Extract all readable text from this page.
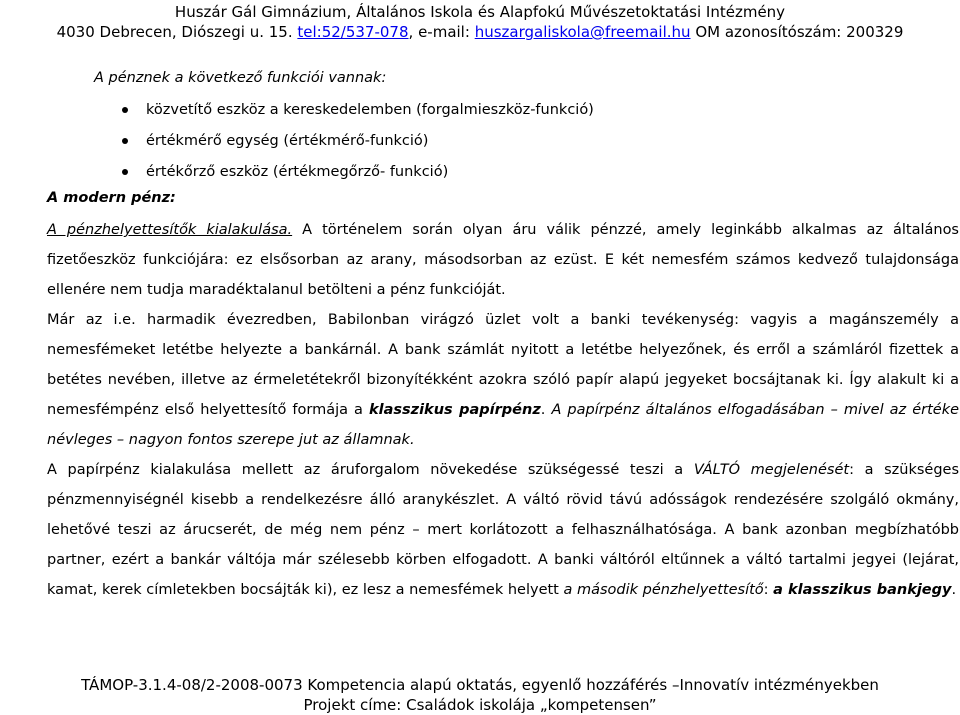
Huszár Gál Gimnázium, Általános Iskola és Alapfokú Művészetoktatási Intézmény
4030 Debrecen, Diószegi u. 15. tel:52/537-078, e-mail: huszargaliskola@freemail.hu OM azonosítószám: 200329
A pénznek a következő funkciói vannak:
közvetítő eszköz a kereskedelemben (forgalmieszköz-funkció)
értékmérő egység (értékmérő-funkció)
értékőrző eszköz (értékmegőrző- funkció)
A modern pénz:

A pénzhelyettesítők kialakulása. A történelem során olyan áru válik pénzzé, amely leginkább alkalmas az általános fizetőeszköz funkciójára: ez elsősorban az arany, másodsorban az ezüst. E két nemesfém számos kedvező tulajdonsága ellenére nem tudja maradéktalanul betölteni a pénz funkcióját.

Már az i.e. harmadik évezredben, Babilonban virágzó üzlet volt a banki tevékenység: vagyis a magánszemély a nemesfémeket letétbe helyezte a bankárnál. A bank számlát nyitott a letétbe helyezőnek, és erről a számláról fizettek a betétes nevében, illetve az érmeletétekről bizonyítékként azokra szóló papír alapú jegyeket bocsájtanak ki. Így alakult ki a nemesfémpénz első helyettesítő formája a klasszikus papírpénz. A papírpénz általános elfogadásában – mivel az értéke névleges – nagyon fontos szerepe jut az államnak.

A papírpénz kialakulása mellett az áruforgalom növekedése szükségessé teszi a VÁLTÓ megjelenését: a szükséges pénzmennyiségnél kisebb a rendelkezésre álló aranykészlet. A váltó rövid távú adósságok rendezésére szolgáló okmány, lehetővé teszi az árucserét, de még nem pénz – mert korlátozott a felhasználhatósága. A bank azonban megbízhatóbb partner, ezért a bankár váltója már szélesebb körben elfogadott. A banki váltóról eltűnnek a váltó tartalmi jegyei (lejárat, kamat, kerek címletekben bocsájták ki), ez lesz a nemesfémek helyett a második pénzhelyettesítő: a klasszikus bankjegy.

TÁMOP-3.1.4-08/2-2008-0073 Kompetencia alapú oktatás, egyenlő hozzáférés –Innovatív intézményekben
Projekt címe: Családok iskolája „kompetensen”
